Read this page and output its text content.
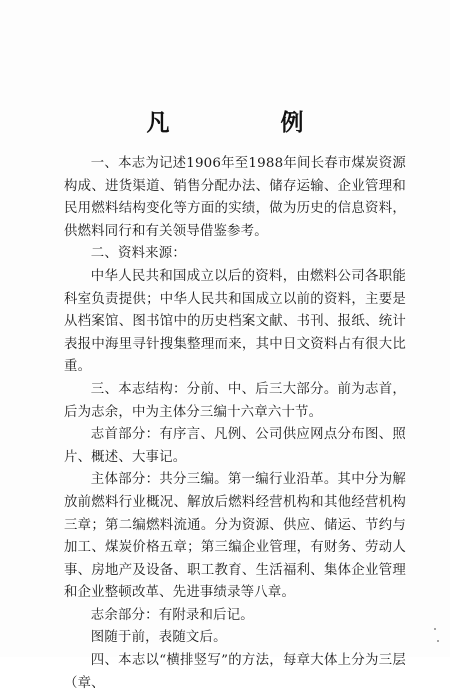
凡　例

一、本志为记述1906年至1988年间长春市煤炭资源构成、进货渠道、销售分配办法、储存运输、企业管理和民用燃料结构变化等方面的实绩，做为历史的信息资料，供燃料同行和有关领导借鉴参考。

二、资料来源：

中华人民共和国成立以后的资料，由燃料公司各职能科室负责提供；中华人民共和国成立以前的资料，主要是从档案馆、图书馆中的历史档案文献、书刊、报纸、统计表报中海里寻针搜集整理而来，其中日文资料占有很大比重。

三、本志结构：分前、中、后三大部分。前为志首，后为志余，中为主体分三编十六章六十节。

志首部分：有序言、凡例、公司供应网点分布图、照片、概述、大事记。

主体部分：共分三编。第一编行业沿革。其中分为解放前燃料行业概况、解放后燃料经营机构和其他经营机构三章；第二编燃料流通。分为资源、供应、储运、节约与加工、煤炭价格五章；第三编企业管理，有财务、劳动人事、房地产及设备、职工教育、生活福利、集体企业管理和企业整顿改革、先进事绩录等八章。

志余部分：有附录和后记。

图随于前，表随文后。

四、本志以“横排竖写”的方法，每章大体上分为三层（章、
